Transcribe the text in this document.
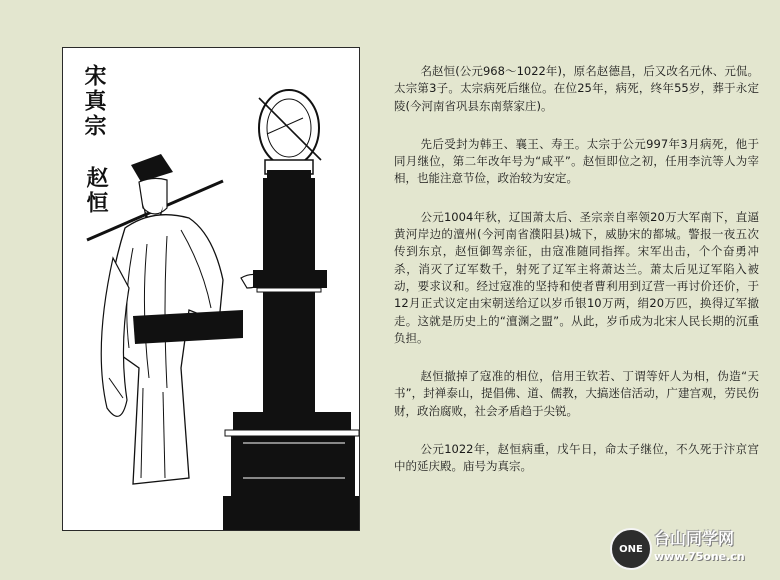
宋真宗
赵恒

名赵恒(公元968～1022年)，原名赵德昌，后又改名元休、元侃。太宗第3子。太宗病死后继位。在位25年，病死，终年55岁，葬于永定陵(今河南省巩县东南蔡家庄)。

先后受封为韩王、襄王、寿王。太宗于公元997年3月病死，他于同月继位，第二年改年号为“咸平”。赵恒即位之初，任用李沆等人为宰相，也能注意节俭，政治较为安定。

公元1004年秋，辽国萧太后、圣宗亲自率领20万大军南下，直逼黄河岸边的澶州(今河南省濮阳县)城下，威胁宋的都城。警报一夜五次传到东京，赵恒御驾亲征，由寇准随同指挥。宋军出击，个个奋勇冲杀，消灭了辽军数千，射死了辽军主将萧达兰。萧太后见辽军陷入被动，要求议和。经过寇准的坚持和使者曹利用到辽营一再讨价还价，于12月正式议定由宋朝送给辽以岁币银10万两，绢20万匹，换得辽军撤走。这就是历史上的“澶渊之盟”。从此，岁币成为北宋人民长期的沉重负担。

赵恒撤掉了寇准的相位，信用王钦若、丁谓等奸人为相，伪造“天书”，封禅泰山，提倡佛、道、儒教，大搞迷信活动，广建宫观，劳民伤财，政治腐败，社会矛盾趋于尖锐。

公元1022年，赵恒病重，戊午日，命太子继位，不久死于汴京宫中的延庆殿。庙号为真宗。

ONE
台山同学网
www.75one.cn
